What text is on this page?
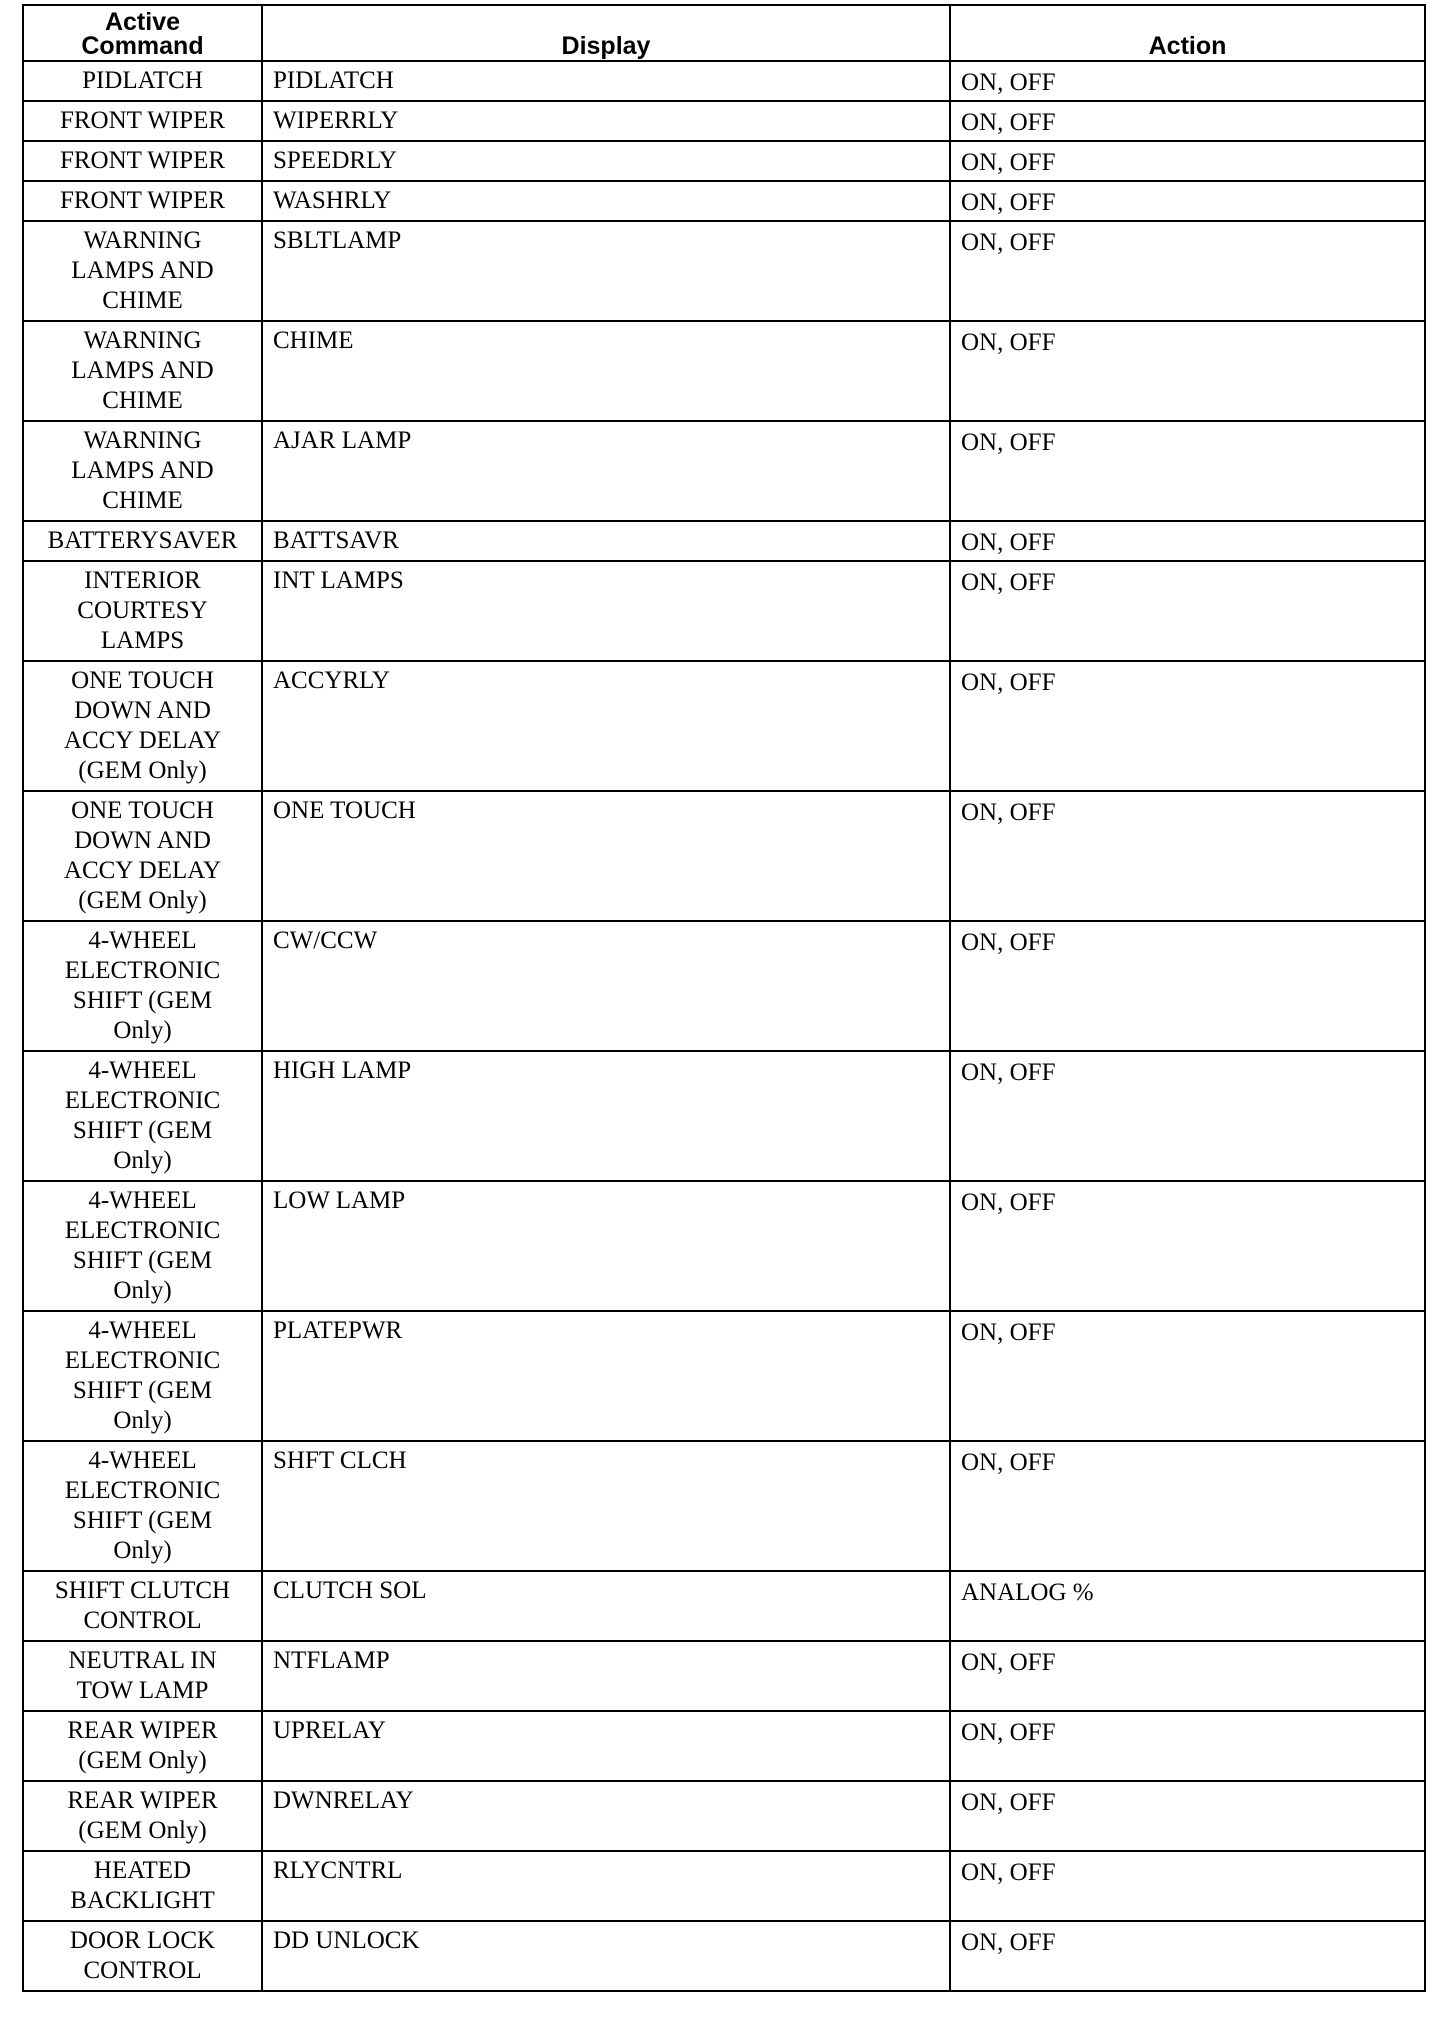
Active
Command	Display	Action

PIDLATCH	PIDLATCH	ON, OFF

FRONT WIPER	WIPERRLY	ON, OFF

FRONT WIPER	SPEEDRLY	ON, OFF

FRONT WIPER	WASHRLY	ON, OFF

WARNING
LAMPS AND
CHIME	SBLTLAMP	ON, OFF

WARNING
LAMPS AND
CHIME	CHIME	ON, OFF

WARNING
LAMPS AND
CHIME	AJAR LAMP	ON, OFF

BATTERYSAVER	BATTSAVR	ON, OFF

INTERIOR
COURTESY
LAMPS	INT LAMPS	ON, OFF

ONE TOUCH
DOWN AND
ACCY DELAY
(GEM Only)	ACCYRLY	ON, OFF

ONE TOUCH
DOWN AND
ACCY DELAY
(GEM Only)	ONE TOUCH	ON, OFF

4-WHEEL
ELECTRONIC
SHIFT (GEM
Only)	CW/CCW	ON, OFF

4-WHEEL
ELECTRONIC
SHIFT (GEM
Only)	HIGH LAMP	ON, OFF

4-WHEEL
ELECTRONIC
SHIFT (GEM
Only)	LOW LAMP	ON, OFF

4-WHEEL
ELECTRONIC
SHIFT (GEM
Only)	PLATEPWR	ON, OFF

4-WHEEL
ELECTRONIC
SHIFT (GEM
Only)	SHFT CLCH	ON, OFF

SHIFT CLUTCH
CONTROL	CLUTCH SOL	ANALOG %

NEUTRAL IN
TOW LAMP	NTFLAMP	ON, OFF

REAR WIPER
(GEM Only)	UPRELAY	ON, OFF

REAR WIPER
(GEM Only)	DWNRELAY	ON, OFF

HEATED
BACKLIGHT	RLYCNTRL	ON, OFF

DOOR LOCK
CONTROL	DD UNLOCK	ON, OFF
